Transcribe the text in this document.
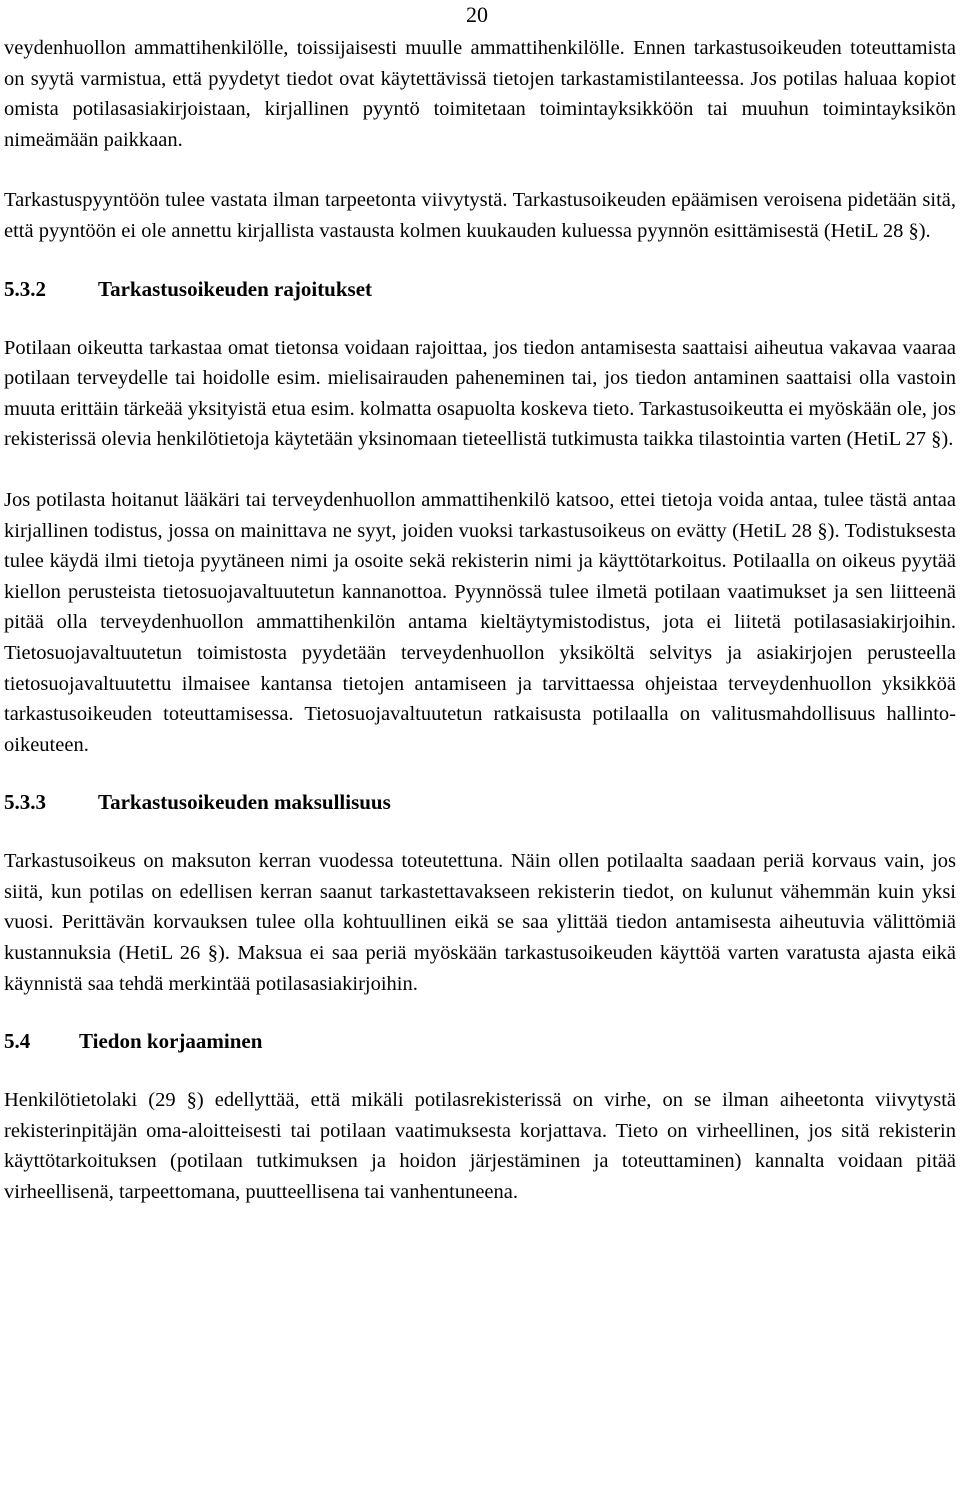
20

veydenhuollon ammattihenkilölle, toissijaisesti muulle ammattihenkilölle. Ennen tarkastusoikeuden toteuttamista on syytä varmistua, että pyydetyt tiedot ovat käytettävissä tietojen tarkastamistilanteessa. Jos potilas haluaa kopiot omista potilasasiakirjoistaan, kirjallinen pyyntö toimitetaan toimintayksikköön tai muuhun toimintayksikön nimeämään paikkaan.

Tarkastuspyyntöön tulee vastata ilman tarpeetonta viivytystä. Tarkastusoikeuden epäämisen veroisena pidetään sitä, että pyyntöön ei ole annettu kirjallista vastausta kolmen kuukauden kuluessa pyynnön esittämisestä (HetiL 28 §).

5.3.2	Tarkastusoikeuden rajoitukset

Potilaan oikeutta tarkastaa omat tietonsa voidaan rajoittaa, jos tiedon antamisesta saattaisi aiheutua vakavaa vaaraa potilaan terveydelle tai hoidolle esim. mielisairauden paheneminen tai, jos tiedon antaminen saattaisi olla vastoin muuta erittäin tärkeää yksityistä etua esim. kolmatta osapuolta koskeva tieto. Tarkastusoikeutta ei myöskään ole, jos rekisterissä olevia henkilötietoja käytetään yksinomaan tieteellistä tutkimusta taikka tilastointia varten (HetiL 27 §).

Jos potilasta hoitanut lääkäri tai terveydenhuollon ammattihenkilö katsoo, ettei tietoja voida antaa, tulee tästä antaa kirjallinen todistus, jossa on mainittava ne syyt, joiden vuoksi tarkastusoikeus on evätty (HetiL 28 §). Todistuksesta tulee käydä ilmi tietoja pyytäneen nimi ja osoite sekä rekisterin nimi ja käyttötarkoitus. Potilaalla on oikeus pyytää kiellon perusteista tietosuojavaltuutetun kannanottoa. Pyynnössä tulee ilmetä potilaan vaatimukset ja sen liitteenä pitää olla terveydenhuollon ammattihenkilön antama kieltäytymistodistus, jota ei liitetä potilasasiakirjoihin. Tietosuojavaltuutetun toimistosta pyydetään terveydenhuollon yksiköltä selvitys ja asiakirjojen perusteella tietosuojavaltuutettu ilmaisee kantansa tietojen antamiseen ja tarvittaessa ohjeistaa terveydenhuollon yksikköä tarkastusoikeuden toteuttamisessa. Tietosuojavaltuutetun ratkaisusta potilaalla on valitusmahdollisuus hallinto-oikeuteen.

5.3.3	Tarkastusoikeuden maksullisuus

Tarkastusoikeus on maksuton kerran vuodessa toteutettuna. Näin ollen potilaalta saadaan periä korvaus vain, jos siitä, kun potilas on edellisen kerran saanut tarkastettavakseen rekisterin tiedot, on kulunut vähemmän kuin yksi vuosi. Perittävän korvauksen tulee olla kohtuullinen eikä se saa ylittää tiedon antamisesta aiheutuvia välittömiä kustannuksia (HetiL 26 §). Maksua ei saa periä myöskään tarkastusoikeuden käyttöä varten varatusta ajasta eikä käynnistä saa tehdä merkintää potilasasiakirjoihin.

5.4	Tiedon korjaaminen

Henkilötietolaki (29 §) edellyttää, että mikäli potilasrekisterissä on virhe, on se ilman aiheetonta viivytystä rekisterinpitäjän oma-aloitteisesti tai potilaan vaatimuksesta korjattava. Tieto on virheellinen, jos sitä rekisterin käyttötarkoituksen (potilaan tutkimuksen ja hoidon järjestäminen ja toteuttaminen) kannalta voidaan pitää virheellisenä, tarpeettomana, puutteellisena tai vanhentuneena.
